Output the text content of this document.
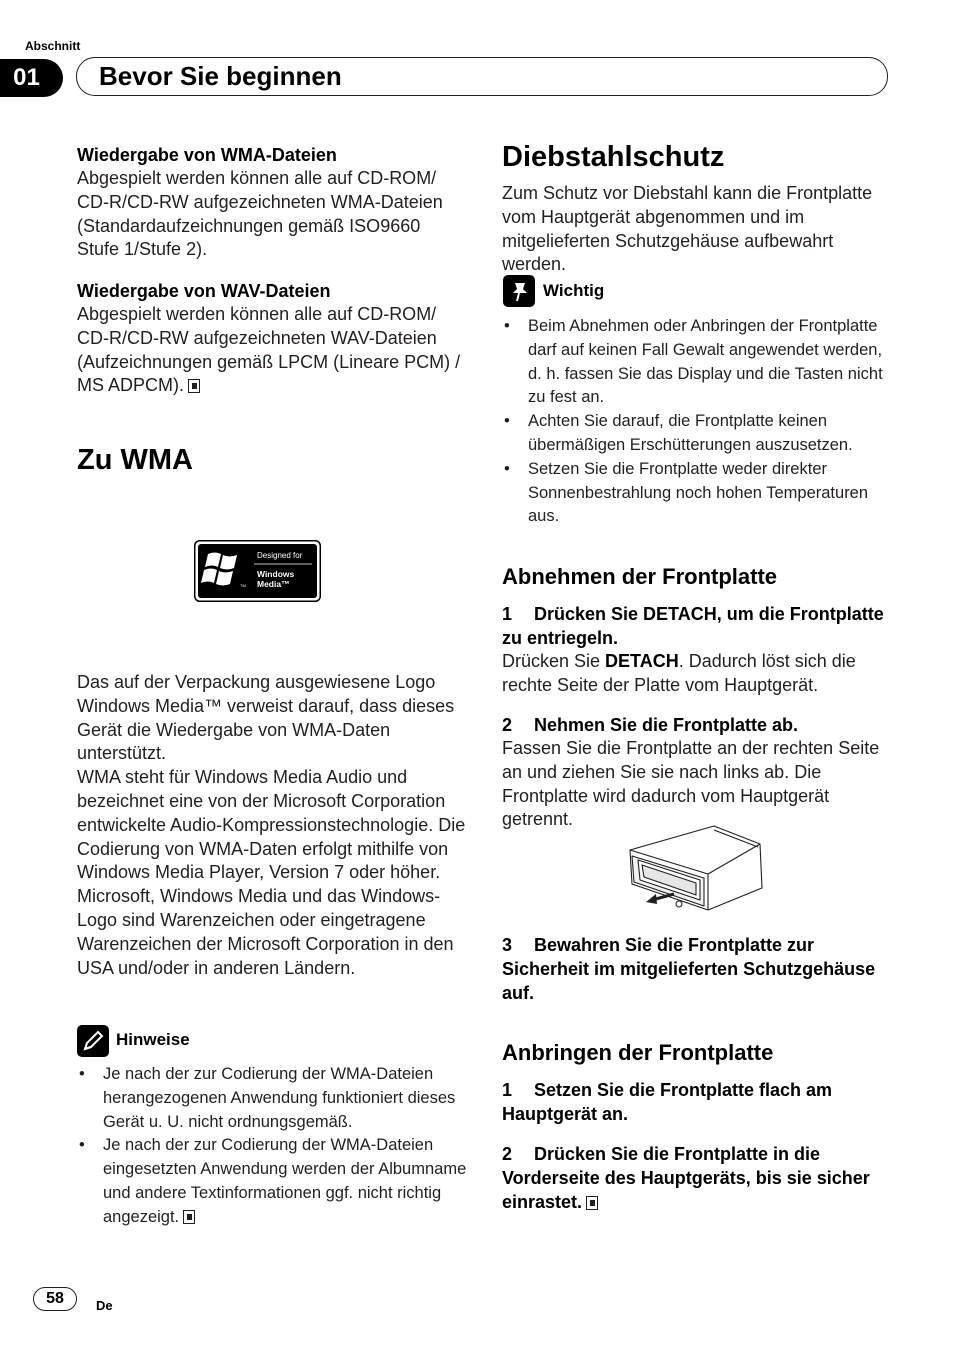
Abschnitt
01	Bevor Sie beginnen
Wiedergabe von WMA-Dateien
Abgespielt werden können alle auf CD-ROM/ CD-R/CD-RW aufgezeichneten WMA-Dateien (Standardaufzeichnungen gemäß ISO9660 Stufe 1/Stufe 2).
Wiedergabe von WAV-Dateien
Abgespielt werden können alle auf CD-ROM/ CD-R/CD-RW aufgezeichneten WAV-Dateien (Aufzeichnungen gemäß LPCM (Lineare PCM) / MS ADPCM).
Zu WMA
Designed for
Windows
Media™
TM
Das auf der Verpackung ausgewiesene Logo Windows Media™ verweist darauf, dass dieses Gerät die Wiedergabe von WMA-Daten unterstützt.
WMA steht für Windows Media Audio und bezeichnet eine von der Microsoft Corporation entwickelte Audio-Kompressionstechnologie. Die Codierung von WMA-Daten erfolgt mithilfe von Windows Media Player, Version 7 oder höher.
Microsoft, Windows Media und das Windows-Logo sind Warenzeichen oder eingetragene Warenzeichen der Microsoft Corporation in den USA und/oder in anderen Ländern.
Hinweise
• Je nach der zur Codierung der WMA-Dateien herangezogenen Anwendung funktioniert dieses Gerät u. U. nicht ordnungsgemäß.
• Je nach der zur Codierung der WMA-Dateien eingesetzten Anwendung werden der Albumname und andere Textinformationen ggf. nicht richtig angezeigt.
Diebstahlschutz
Zum Schutz vor Diebstahl kann die Frontplatte vom Hauptgerät abgenommen und im mitgelieferten Schutzgehäuse aufbewahrt werden.
Wichtig
• Beim Abnehmen oder Anbringen der Frontplatte darf auf keinen Fall Gewalt angewendet werden, d. h. fassen Sie das Display und die Tasten nicht zu fest an.
• Achten Sie darauf, die Frontplatte keinen übermäßigen Erschütterungen auszusetzen.
• Setzen Sie die Frontplatte weder direkter Sonnenbestrahlung noch hohen Temperaturen aus.
Abnehmen der Frontplatte
1 Drücken Sie DETACH, um die Frontplatte zu entriegeln.
Drücken Sie DETACH. Dadurch löst sich die rechte Seite der Platte vom Hauptgerät.
2 Nehmen Sie die Frontplatte ab.
Fassen Sie die Frontplatte an der rechten Seite an und ziehen Sie sie nach links ab. Die Frontplatte wird dadurch vom Hauptgerät getrennt.
3 Bewahren Sie die Frontplatte zur Sicherheit im mitgelieferten Schutzgehäuse auf.
Anbringen der Frontplatte
1 Setzen Sie die Frontplatte flach am Hauptgerät an.
2 Drücken Sie die Frontplatte in die Vorderseite des Hauptgeräts, bis sie sicher einrastet.
58	De
